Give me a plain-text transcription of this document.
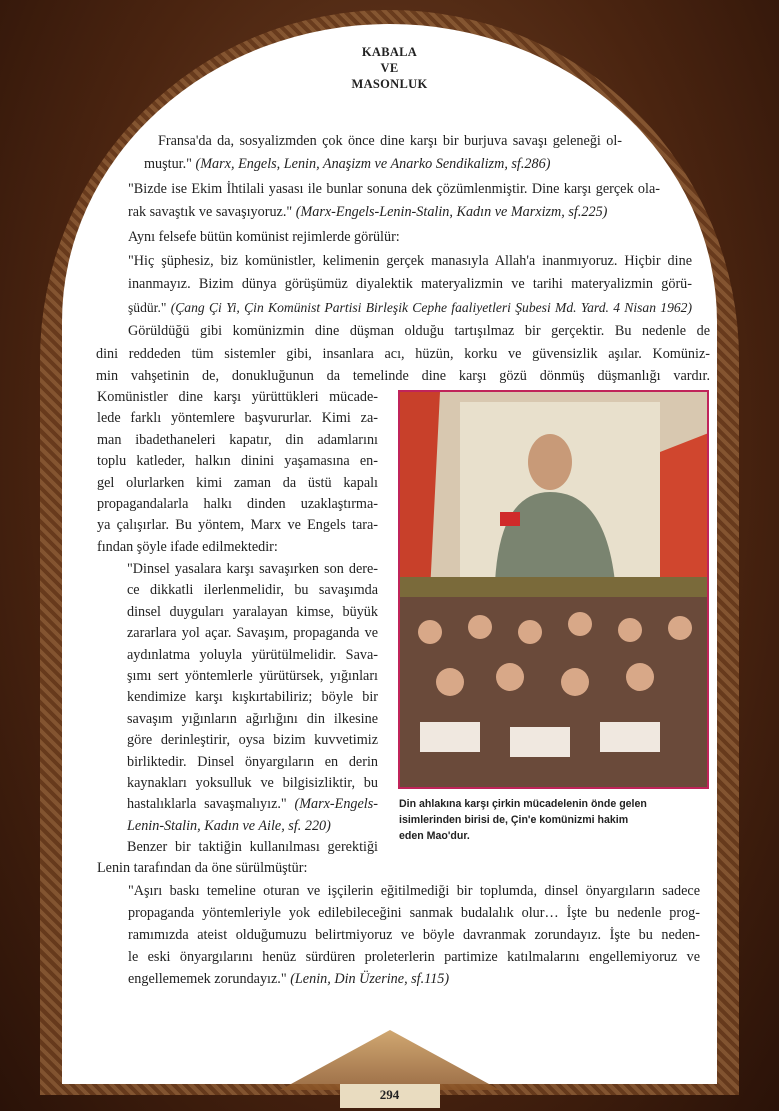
KABALA
VE
MASONLUK
Fransa'da da, sosyalizmden çok önce dine karşı bir burjuva savaşı geleneği ol-
muştur." (Marx, Engels, Lenin, Anaşizm ve Anarko Sendikalizm, sf.286)
"Bizde ise Ekim İhtilali yasası ile bunlar sonuna dek çözümlenmiştir. Dine karşı gerçek ola-
rak savaştık ve savaşıyoruz." (Marx-Engels-Lenin-Stalin, Kadın ve Marxizm, sf.225)
Aynı felsefe bütün komünist rejimlerde görülür:
"Hiç şüphesiz, biz komünistler, kelimenin gerçek manasıyla Allah'a inanmıyoruz. Hiçbir dine
inanmayız. Bizim dünya görüşümüz diyalektik materyalizmin ve tarihi materyalizmin görü-
şüdür." (Çang Çi Yi, Çin Komünist Partisi Birleşik Cephe faaliyetleri Şubesi Md. Yard. 4 Nisan 1962)
Görüldüğü gibi komünizmin dine düşman olduğu tartışılmaz bir gerçektir. Bu nedenle de
dini reddeden tüm sistemler gibi, insanlara acı, hüzün, korku ve güvensizlik aşılar. Komüniz-
min vahşetinin de, donukluğunun da temelinde dine karşı gözü dönmüş düşmanlığı vardır.
Komünistler dine karşı yürüttükleri mücade-
lede farklı yöntemlere başvururlar. Kimi za-
man ibadethaneleri kapatır, din adamlarını
toplu katleder, halkın dinini yaşamasına en-
gel olurlarken kimi zaman da üstü kapalı
propagandalarla halkı dinden uzaklaştırma-
ya çalışırlar. Bu yöntem, Marx ve Engels tara-
fından şöyle ifade edilmektedir:
"Dinsel yasalara karşı savaşırken son dere-
ce dikkatli ilerlenmelidir, bu savaşımda
dinsel duyguları yaralayan kimse, büyük
zararlara yol açar. Savaşım, propaganda ve
aydınlatma yoluyla yürütülmelidir. Sava-
şımı sert yöntemlerle yürütürsek, yığınları
kendimize karşı kışkırtabiliriz; böyle bir
savaşım yığınların ağırlığını din ilkesine
göre derinleştirir, oysa bizim kuvvetimiz
birliktedir. Dinsel önyargıların en derin
kaynakları yoksulluk ve bilgisizliktir, bu
hastalıklarla savaşmalıyız." (Marx-Engels-
Lenin-Stalin, Kadın ve Aile, sf. 220)
Benzer bir taktiğin kullanılması gerektiği
Lenin tarafından da öne sürülmüştür:
Din ahlakına karşı çirkin mücadelenin önde gelen
isimlerinden birisi de, Çin'e komünizmi hakim
eden Mao'dur.
"Aşırı baskı temeline oturan ve işçilerin eğitilmediği bir toplumda, dinsel önyargıların sadece
propaganda yöntemleriyle yok edilebileceğini sanmak budalalık olur… İşte bu nedenle prog-
ramımızda ateist olduğumuzu belirtmiyoruz ve böyle davranmak zorundayız. İşte bu neden-
le eski önyargılarını henüz sürdüren proleterlerin partimize katılmalarını engellemiyoruz ve
engellememek zorundayız." (Lenin, Din Üzerine, sf.115)
294
